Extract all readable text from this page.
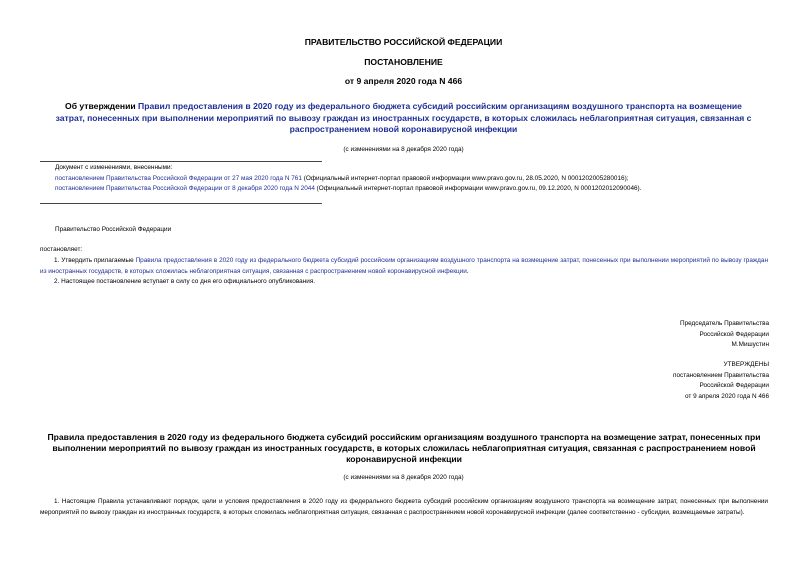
ПРАВИТЕЛЬСТВО РОССИЙСКОЙ ФЕДЕРАЦИИ
ПОСТАНОВЛЕНИЕ
от 9 апреля 2020 года N 466
Об утверждении Правил предоставления в 2020 году из федерального бюджета субсидий российским организациям воздушного транспорта на возмещение затрат, понесенных при выполнении мероприятий по вывозу граждан из иностранных государств, в которых сложилась неблагоприятная ситуация, связанная с распространением новой коронавирусной инфекции
(с изменениями на 8 декабря 2020 года)
Документ с изменениями, внесенными:
постановлением Правительства Российской Федерации от 27 мая 2020 года N 761 (Официальный интернет-портал правовой информации www.pravo.gov.ru, 28.05.2020, N 0001202005280016);
постановлением Правительства Российской Федерации от 8 декабря 2020 года N 2044 (Официальный интернет-портал правовой информации www.pravo.gov.ru, 09.12.2020, N 0001202012090046).
Правительство Российской Федерации
постановляет:
1. Утвердить прилагаемые Правила предоставления в 2020 году из федерального бюджета субсидий российским организациям воздушного транспорта на возмещение затрат, понесенных при выполнении мероприятий по вывозу граждан из иностранных государств, в которых сложилась неблагоприятная ситуация, связанная с распространением новой коронавирусной инфекции.
2. Настоящее постановление вступает в силу со дня его официального опубликования.
Председатель Правительства
Российской Федерации
М.Мишустин
УТВЕРЖДЕНЫ
постановлением Правительства
Российской Федерации
от 9 апреля 2020 года N 466
Правила предоставления в 2020 году из федерального бюджета субсидий российским организациям воздушного транспорта на возмещение затрат, понесенных при выполнении мероприятий по вывозу граждан из иностранных государств, в которых сложилась неблагоприятная ситуация, связанная с распространением новой коронавирусной инфекции
(с изменениями на 8 декабря 2020 года)
1. Настоящие Правила устанавливают порядок, цели и условия предоставления в 2020 году из федерального бюджета субсидий российским организациям воздушного транспорта на возмещение затрат, понесенных при выполнении мероприятий по вывозу граждан из иностранных государств, в которых сложилась неблагоприятная ситуация, связанная с распространением новой коронавирусной инфекции (далее соответственно - субсидии, возмещаемые затраты).
